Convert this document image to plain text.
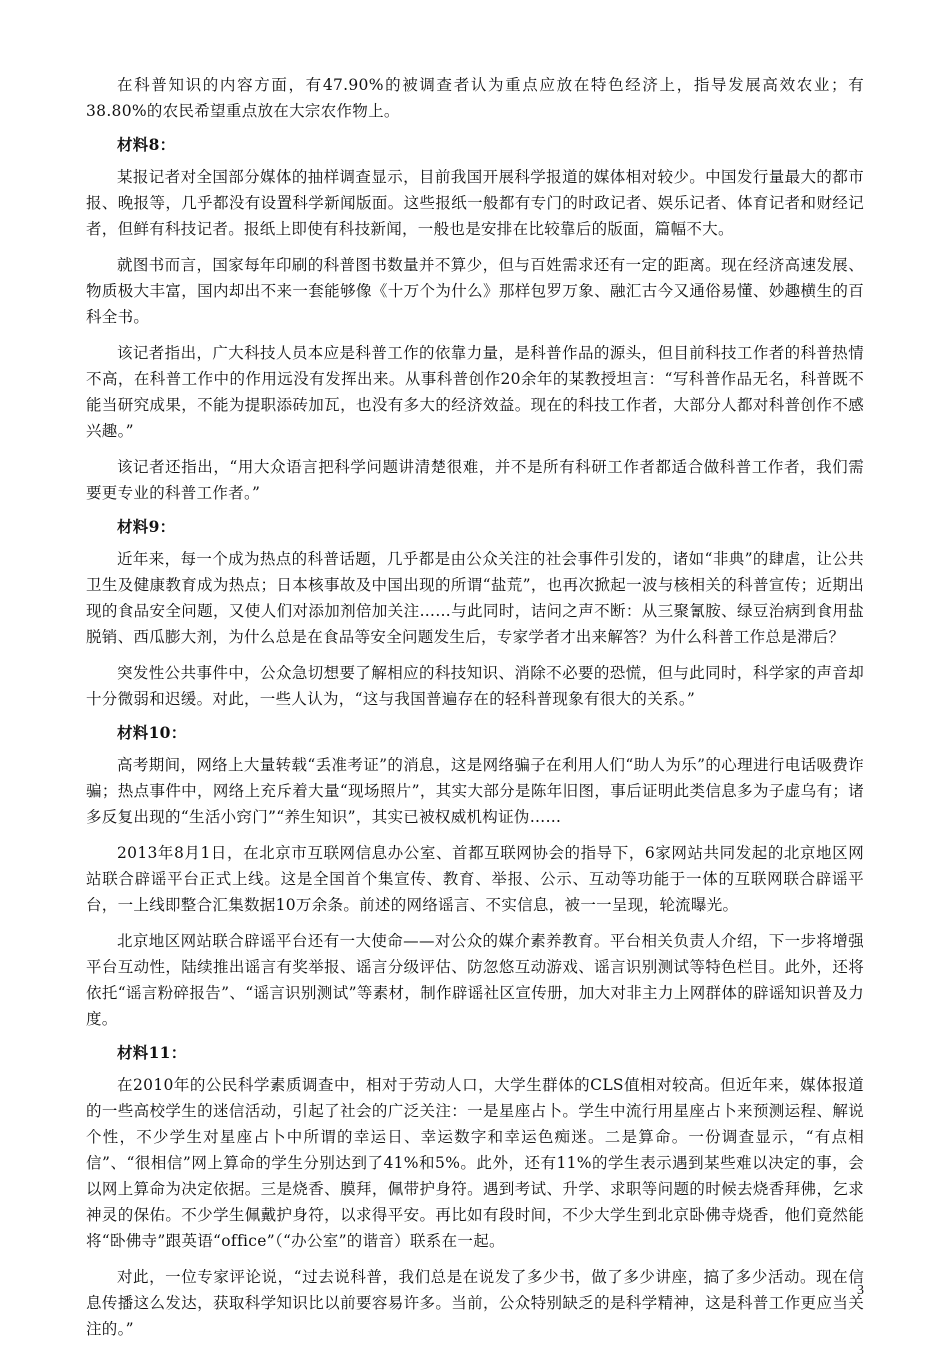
在科普知识的内容方面，有47.90%的被调查者认为重点应放在特色经济上，指导发展高效农业；有38.80%的农民希望重点放在大宗农作物上。

材料8：

某报记者对全国部分媒体的抽样调查显示，目前我国开展科学报道的媒体相对较少。中国发行量最大的都市报、晚报等，几乎都没有设置科学新闻版面。这些报纸一般都有专门的时政记者、娱乐记者、体育记者和财经记者，但鲜有科技记者。报纸上即使有科技新闻，一般也是安排在比较靠后的版面，篇幅不大。

就图书而言，国家每年印刷的科普图书数量并不算少，但与百姓需求还有一定的距离。现在经济高速发展、物质极大丰富，国内却出不来一套能够像《十万个为什么》那样包罗万象、融汇古今又通俗易懂、妙趣横生的百科全书。

该记者指出，广大科技人员本应是科普工作的依靠力量，是科普作品的源头，但目前科技工作者的科普热情不高，在科普工作中的作用远没有发挥出来。从事科普创作20余年的某教授坦言：“写科普作品无名，科普既不能当研究成果，不能为提职添砖加瓦，也没有多大的经济效益。现在的科技工作者，大部分人都对科普创作不感兴趣。”

该记者还指出，“用大众语言把科学问题讲清楚很难，并不是所有科研工作者都适合做科普工作者，我们需要更专业的科普工作者。”

材料9：

近年来，每一个成为热点的科普话题，几乎都是由公众关注的社会事件引发的，诸如“非典”的肆虐，让公共卫生及健康教育成为热点；日本核事故及中国出现的所谓“盐荒”，也再次掀起一波与核相关的科普宣传；近期出现的食品安全问题，又使人们对添加剂倍加关注……与此同时，诘问之声不断：从三聚氰胺、绿豆治病到食用盐脱销、西瓜膨大剂，为什么总是在食品等安全问题发生后，专家学者才出来解答？为什么科普工作总是滞后？

突发性公共事件中，公众急切想要了解相应的科技知识、消除不必要的恐慌，但与此同时，科学家的声音却十分微弱和迟缓。对此，一些人认为，“这与我国普遍存在的轻科普现象有很大的关系。”

材料10：

高考期间，网络上大量转载“丢准考证”的消息，这是网络骗子在利用人们“助人为乐”的心理进行电话吸费诈骗；热点事件中，网络上充斥着大量“现场照片”，其实大部分是陈年旧图，事后证明此类信息多为子虚乌有；诸多反复出现的“生活小窍门”“养生知识”，其实已被权威机构证伪……

2013年8月1日，在北京市互联网信息办公室、首都互联网协会的指导下，6家网站共同发起的北京地区网站联合辟谣平台正式上线。这是全国首个集宣传、教育、举报、公示、互动等功能于一体的互联网联合辟谣平台，一上线即整合汇集数据10万余条。前述的网络谣言、不实信息，被一一呈现，轮流曝光。

北京地区网站联合辟谣平台还有一大使命——对公众的媒介素养教育。平台相关负责人介绍，下一步将增强平台互动性，陆续推出谣言有奖举报、谣言分级评估、防忽悠互动游戏、谣言识别测试等特色栏目。此外，还将依托“谣言粉碎报告”、“谣言识别测试”等素材，制作辟谣社区宣传册，加大对非主力上网群体的辟谣知识普及力度。

材料11：

在2010年的公民科学素质调查中，相对于劳动人口，大学生群体的CLS值相对较高。但近年来，媒体报道的一些高校学生的迷信活动，引起了社会的广泛关注：一是星座占卜。学生中流行用星座占卜来预测运程、解说个性，不少学生对星座占卜中所谓的幸运日、幸运数字和幸运色痴迷。二是算命。一份调查显示，“有点相信”、“很相信”网上算命的学生分别达到了41%和5%。此外，还有11%的学生表示遇到某些难以决定的事，会以网上算命为决定依据。三是烧香、膜拜，佩带护身符。遇到考试、升学、求职等问题的时候去烧香拜佛，乞求神灵的保佑。不少学生佩戴护身符，以求得平安。再比如有段时间，不少大学生到北京卧佛寺烧香，他们竟然能将“卧佛寺”跟英语“office”（“办公室”的谐音）联系在一起。

对此，一位专家评论说，“过去说科普，我们总是在说发了多少书，做了多少讲座，搞了多少活动。现在信息传播这么发达，获取科学知识比以前要容易许多。当前，公众特别缺乏的是科学精神，这是科普工作更应当关注的。”

3
